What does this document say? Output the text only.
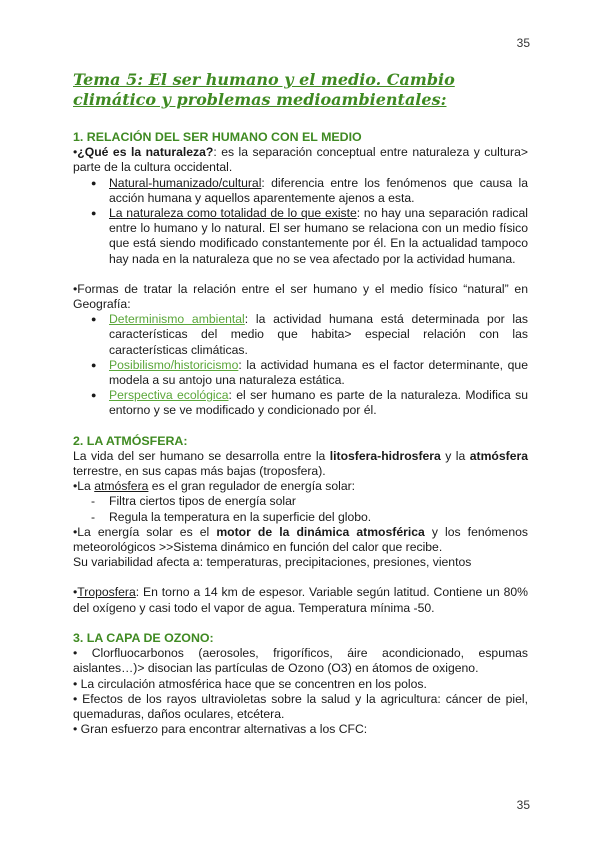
35
Tema 5: El ser humano y el medio. Cambio climático y problemas medioambientales:
1. RELACIÓN DEL SER HUMANO CON EL MEDIO

•¿Qué es la naturaleza?: es la separación conceptual entre naturaleza y cultura> parte de la cultura occidental.

● Natural-humanizado/cultural: diferencia entre los fenómenos que causa la acción humana y aquellos aparentemente ajenos a esta.
● La naturaleza como totalidad de lo que existe: no hay una separación radical entre lo humano y lo natural. El ser humano se relaciona con un medio físico que está siendo modificado constantemente por él. En la actualidad tampoco hay nada en la naturaleza que no se vea afectado por la actividad humana.

•Formas de tratar la relación entre el ser humano y el medio físico “natural” en Geografía:

● Determinismo ambiental: la actividad humana está determinada por las características del medio que habita> especial relación con las características climáticas.
● Posibilismo/historicismo: la actividad humana es el factor determinante, que modela a su antojo una naturaleza estática.
● Perspectiva ecológica: el ser humano es parte de la naturaleza. Modifica su entorno y se ve modificado y condicionado por él.
2. LA ATMÓSFERA:

La vida del ser humano se desarrolla entre la litosfera-hidrosfera y la atmósfera terrestre, en sus capas más bajas (troposfera).

•La atmósfera es el gran regulador de energía solar:

- Filtra ciertos tipos de energía solar
- Regula la temperatura en la superficie del globo.

•La energía solar es el motor de la dinámica atmosférica y los fenómenos meteorológicos >>Sistema dinámico en función del calor que recibe.

Su variabilidad afecta a: temperaturas, precipitaciones, presiones, vientos

•Troposfera: En torno a 14 km de espesor. Variable según latitud. Contiene un 80% del oxígeno y casi todo el vapor de agua. Temperatura mínima -50.

3. LA CAPA DE OZONO:

• Clorfluocarbonos (aerosoles, frigoríficos, áire acondicionado, espumas aislantes…)> disocian las partículas de Ozono (O3) en átomos de oxigeno.

• La circulación atmosférica hace que se concentren en los polos.

• Efectos de los rayos ultravioletas sobre la salud y la agricultura: cáncer de piel, quemaduras, daños oculares, etcétera.

• Gran esfuerzo para encontrar alternativas a los CFC:

35
